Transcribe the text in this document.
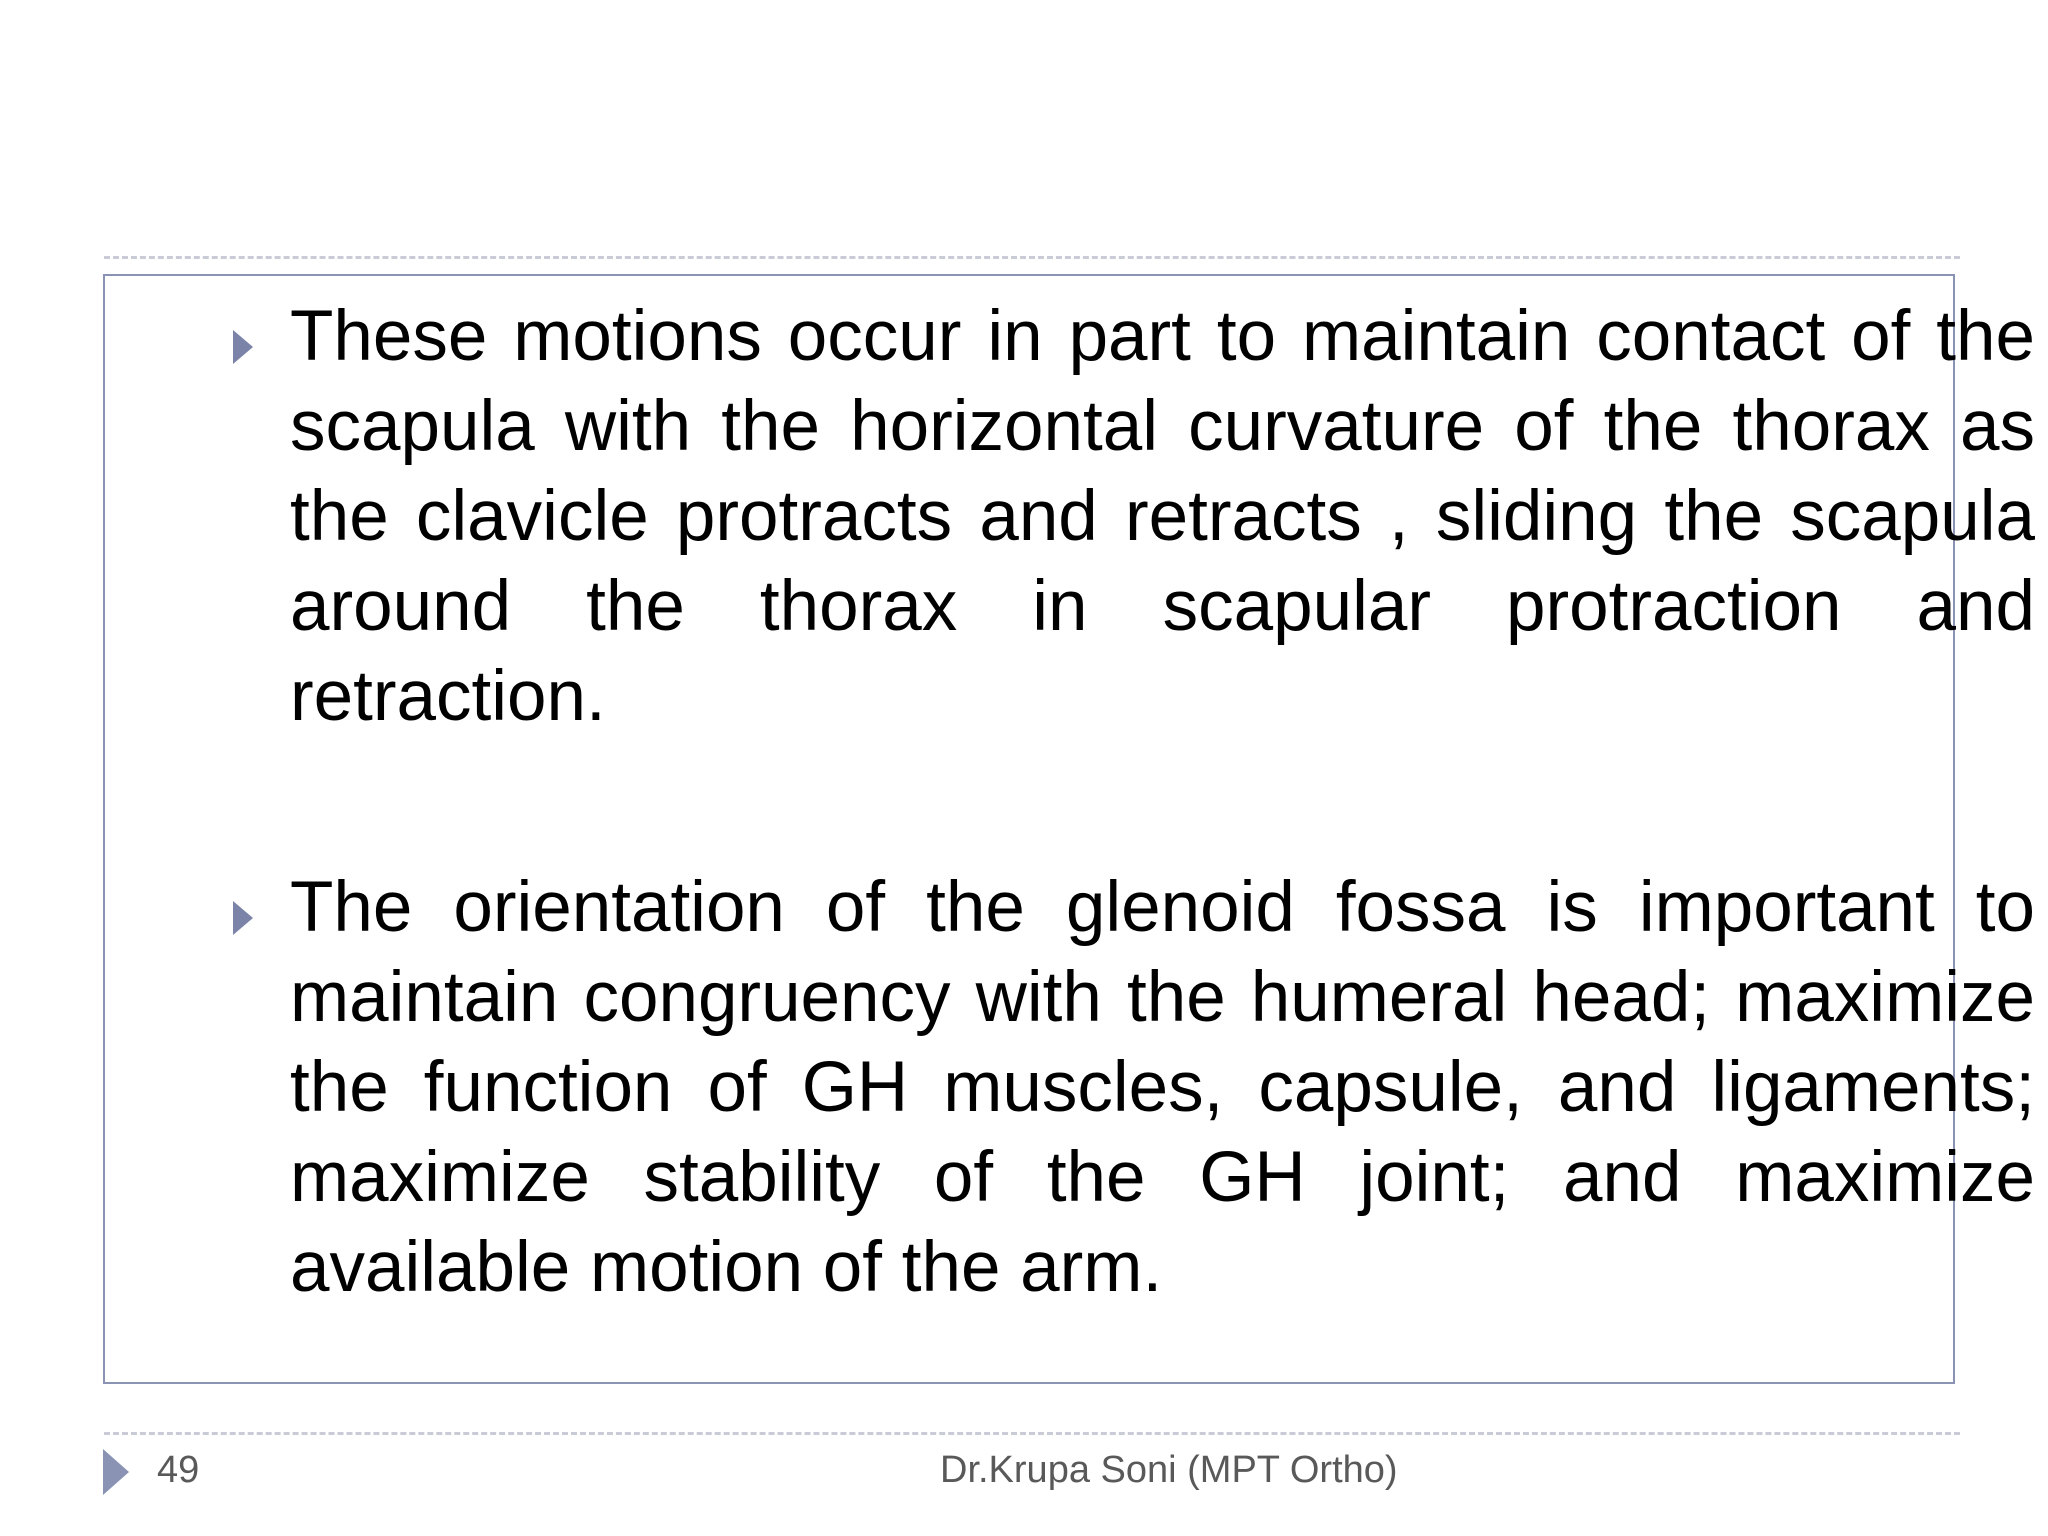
These motions occur in part to maintain contact of the scapula with the horizontal curvature of the thorax as the clavicle protracts and retracts , sliding the scapula around the thorax in scapular protraction and retraction.

The orientation of the glenoid fossa is important to maintain congruency with the humeral head; maximize the function of GH muscles, capsule, and ligaments; maximize stability of the GH joint; and maximize available motion of the arm.

49	Dr.Krupa Soni (MPT Ortho)
